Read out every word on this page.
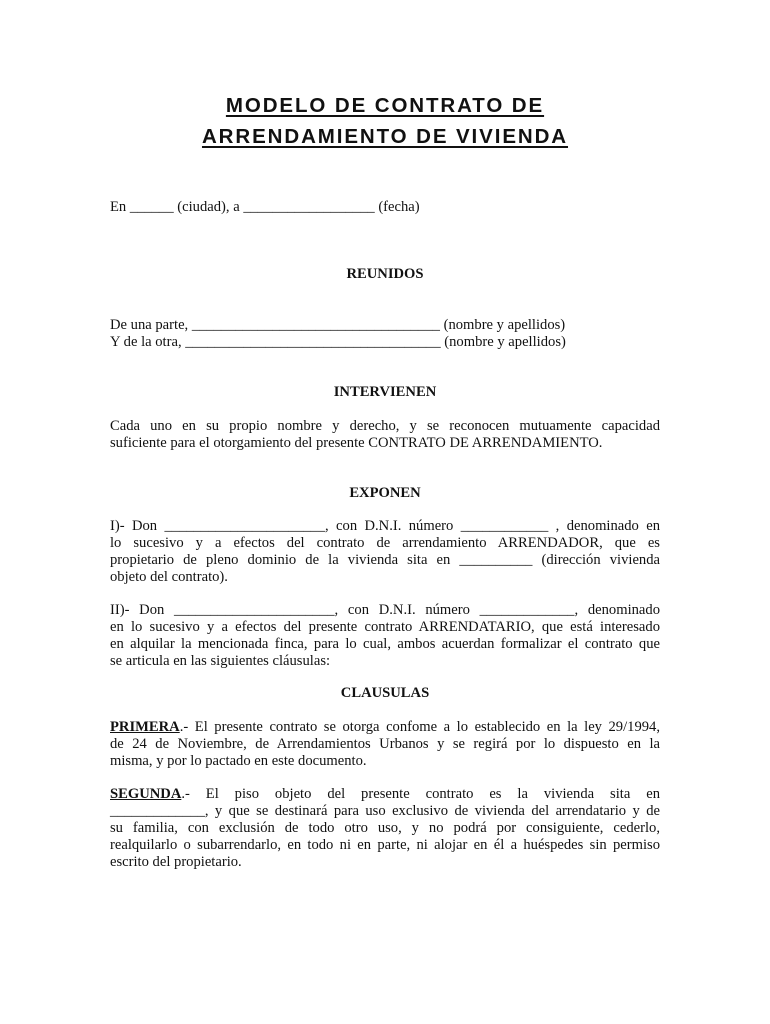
MODELO DE CONTRATO DE
ARRENDAMIENTO DE VIVIENDA
En ______ (ciudad), a __________________ (fecha)
REUNIDOS
De una parte, __________________________________ (nombre y apellidos)
Y de la otra, ___________________________________ (nombre y apellidos)
INTERVIENEN
Cada uno en su propio nombre y derecho, y se reconocen mutuamente capacidad
suficiente para el otorgamiento del presente CONTRATO DE ARRENDAMIENTO.
EXPONEN
I)- Don ______________________, con D.N.I. número ____________ , denominado en
lo sucesivo y a efectos del contrato de arrendamiento ARRENDADOR, que es
propietario de pleno dominio de la vivienda sita en __________ (dirección vivienda
objeto del contrato).
II)- Don ______________________, con D.N.I. número _____________, denominado
en lo sucesivo y a efectos del presente contrato ARRENDATARIO, que está interesado
en alquilar la mencionada finca, para lo cual, ambos acuerdan formalizar el contrato que
se articula en las siguientes cláusulas:
CLAUSULAS
PRIMERA.- El presente contrato se otorga confome a lo establecido en la ley 29/1994,
de 24 de Noviembre, de Arrendamientos Urbanos y se regirá por lo dispuesto en la
misma, y por lo pactado en este documento.
SEGUNDA.- El piso objeto del presente contrato es la vivienda sita en
_____________, y que se destinará para uso exclusivo de vivienda del arrendatario y de
su familia, con exclusión de todo otro uso, y no podrá por consiguiente, cederlo,
realquilarlo o subarrendarlo, en todo ni en parte, ni alojar en él a huéspedes sin permiso
escrito del propietario.
